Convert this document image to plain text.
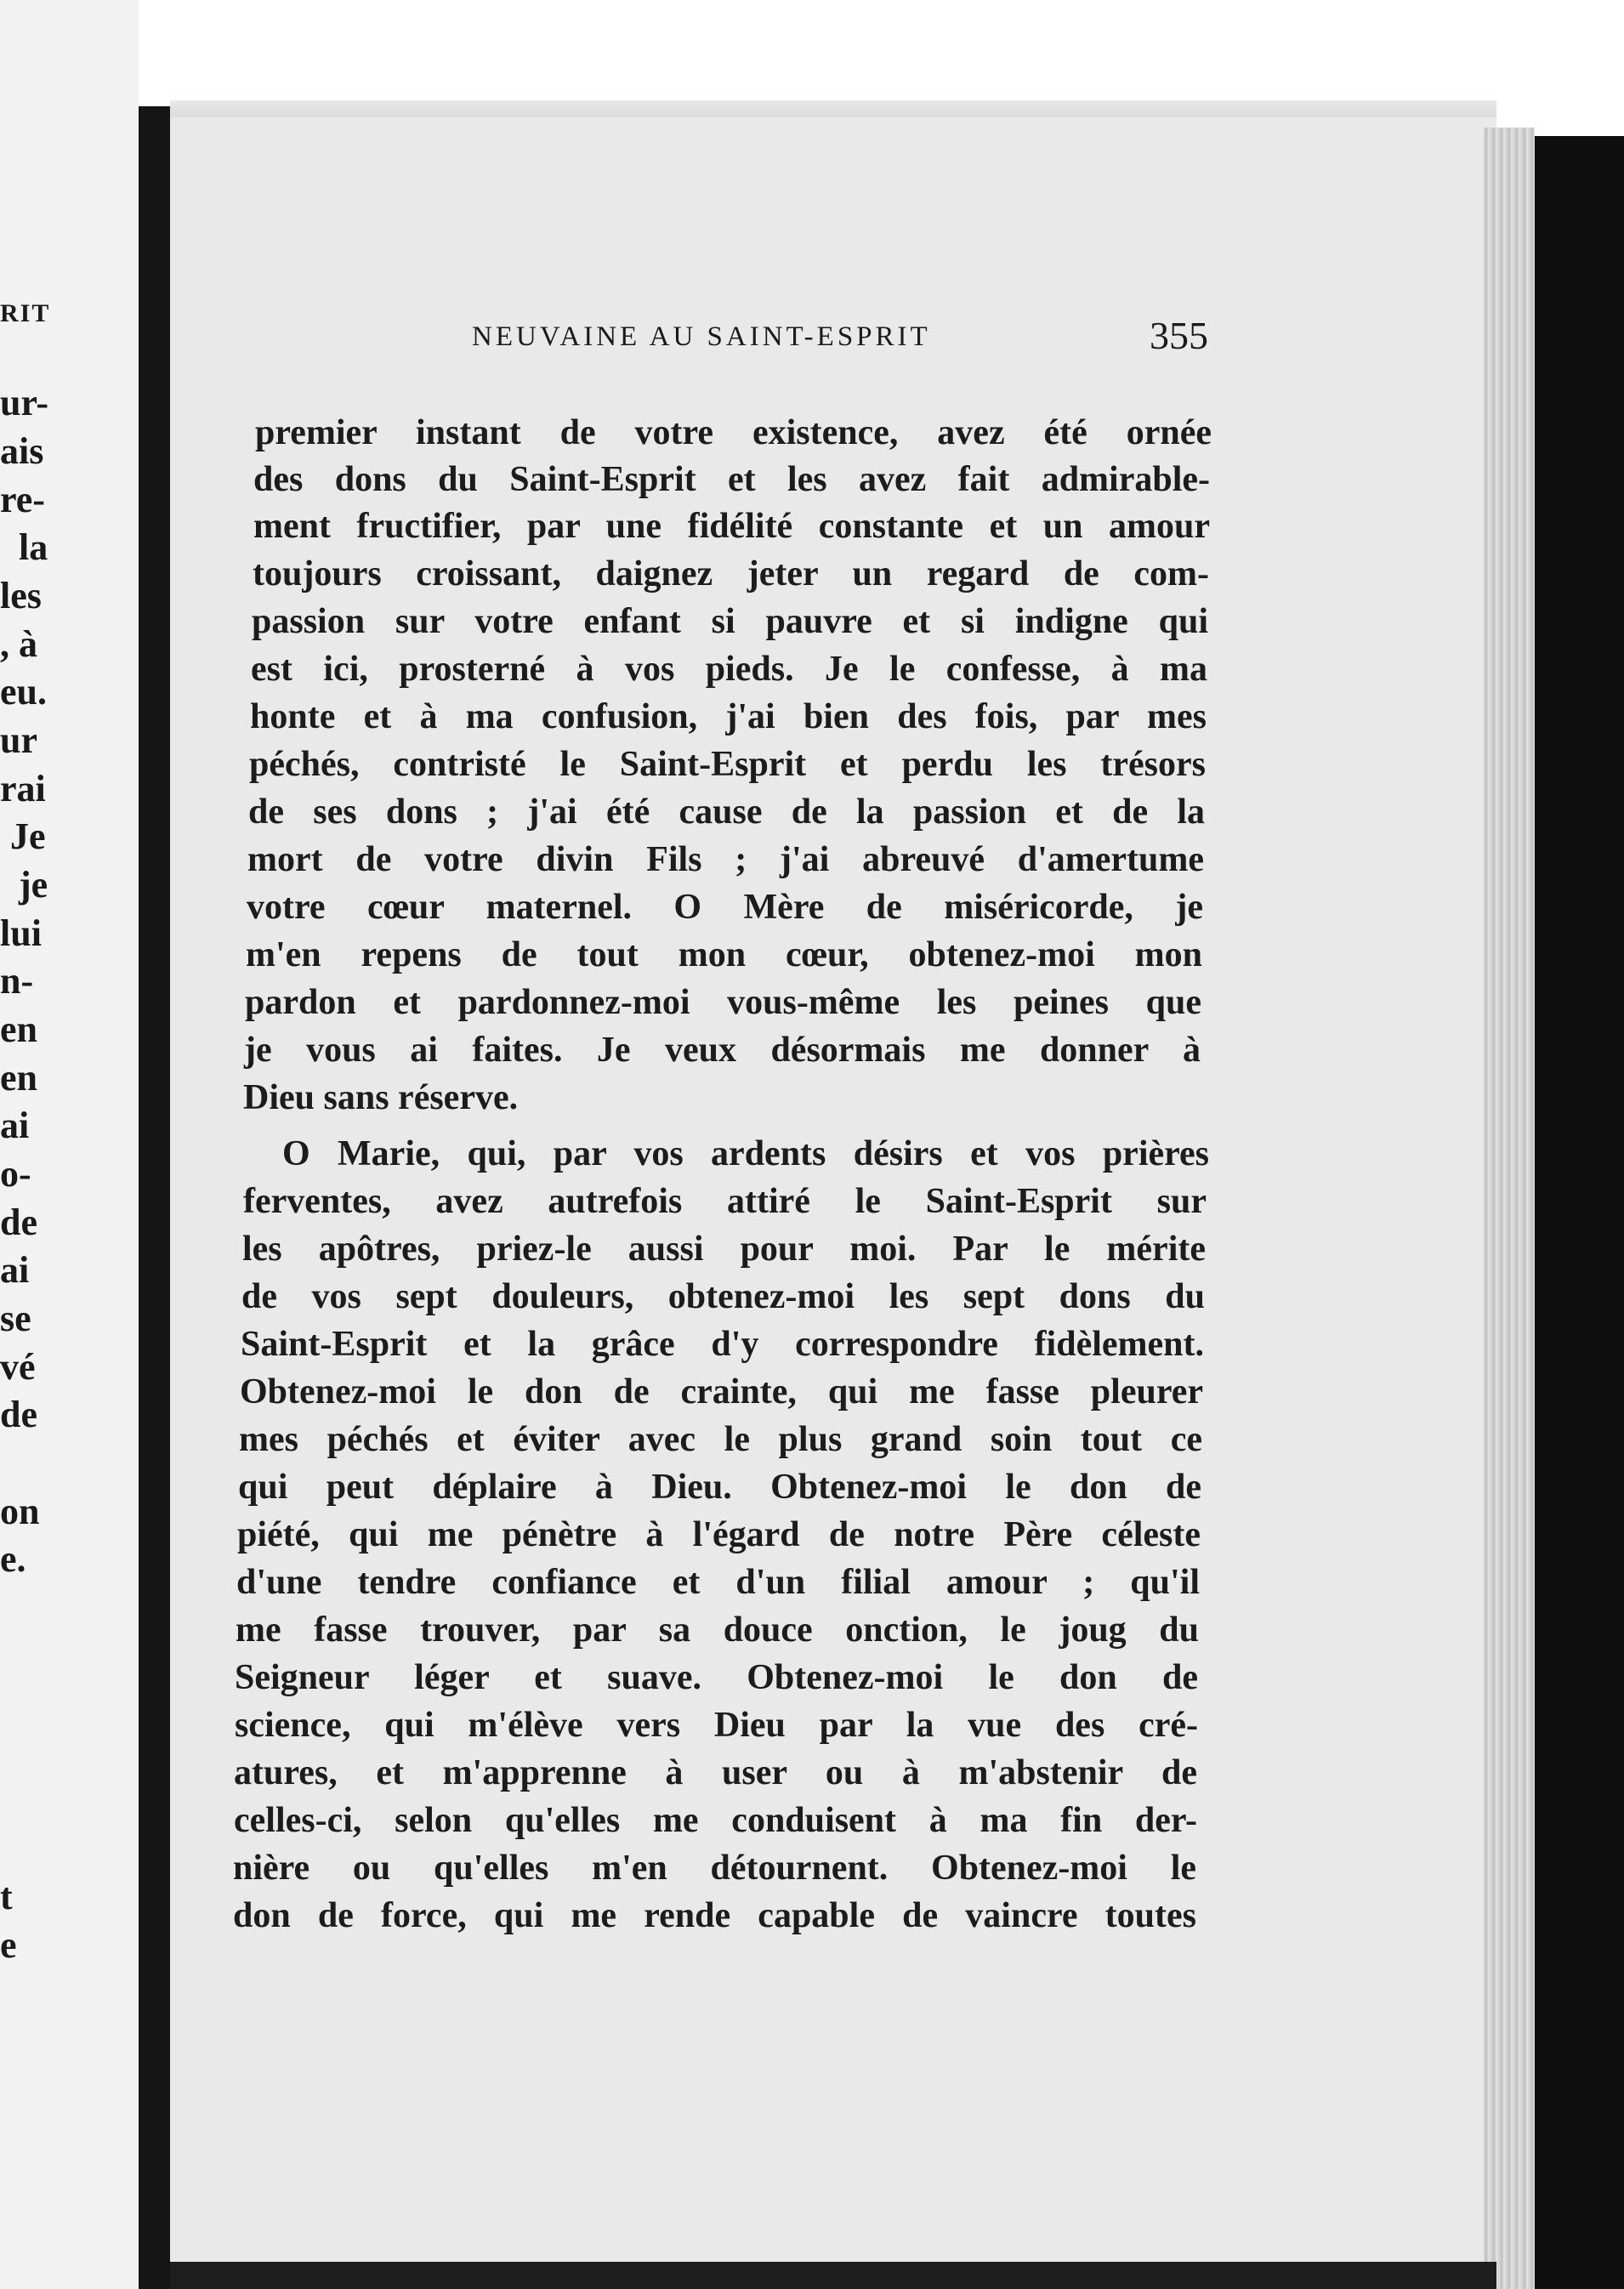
RIT
ur-
ais
re-
la
les
, à
eu.
ur
rai
Je
je
lui
n-
en
en
ai
o-
de
ai
se
vé
de
on
e.
t
e
NEUVAINE AU SAINT-ESPRIT	355
premier instant de votre existence, avez été ornée
des dons du Saint-Esprit et les avez fait admirable-
ment fructifier, par une fidélité constante et un amour
toujours croissant, daignez jeter un regard de com-
passion sur votre enfant si pauvre et si indigne qui
est ici, prosterné à vos pieds. Je le confesse, à ma
honte et à ma confusion, j'ai bien des fois, par mes
péchés, contristé le Saint-Esprit et perdu les trésors
de ses dons ; j'ai été cause de la passion et de la
mort de votre divin Fils ; j'ai abreuvé d'amertume
votre cœur maternel. O Mère de miséricorde, je
m'en repens de tout mon cœur, obtenez-moi mon
pardon et pardonnez-moi vous-même les peines que
je vous ai faites. Je veux désormais me donner à
Dieu sans réserve.
O Marie, qui, par vos ardents désirs et vos prières
ferventes, avez autrefois attiré le Saint-Esprit sur
les apôtres, priez-le aussi pour moi. Par le mérite
de vos sept douleurs, obtenez-moi les sept dons du
Saint-Esprit et la grâce d'y correspondre fidèlement.
Obtenez-moi le don de crainte, qui me fasse pleurer
mes péchés et éviter avec le plus grand soin tout ce
qui peut déplaire à Dieu. Obtenez-moi le don de
piété, qui me pénètre à l'égard de notre Père céleste
d'une tendre confiance et d'un filial amour ; qu'il
me fasse trouver, par sa douce onction, le joug du
Seigneur léger et suave. Obtenez-moi le don de
science, qui m'élève vers Dieu par la vue des cré-
atures, et m'apprenne à user ou à m'abstenir de
celles-ci, selon qu'elles me conduisent à ma fin der-
nière ou qu'elles m'en détournent. Obtenez-moi le
don de force, qui me rende capable de vaincre toutes
